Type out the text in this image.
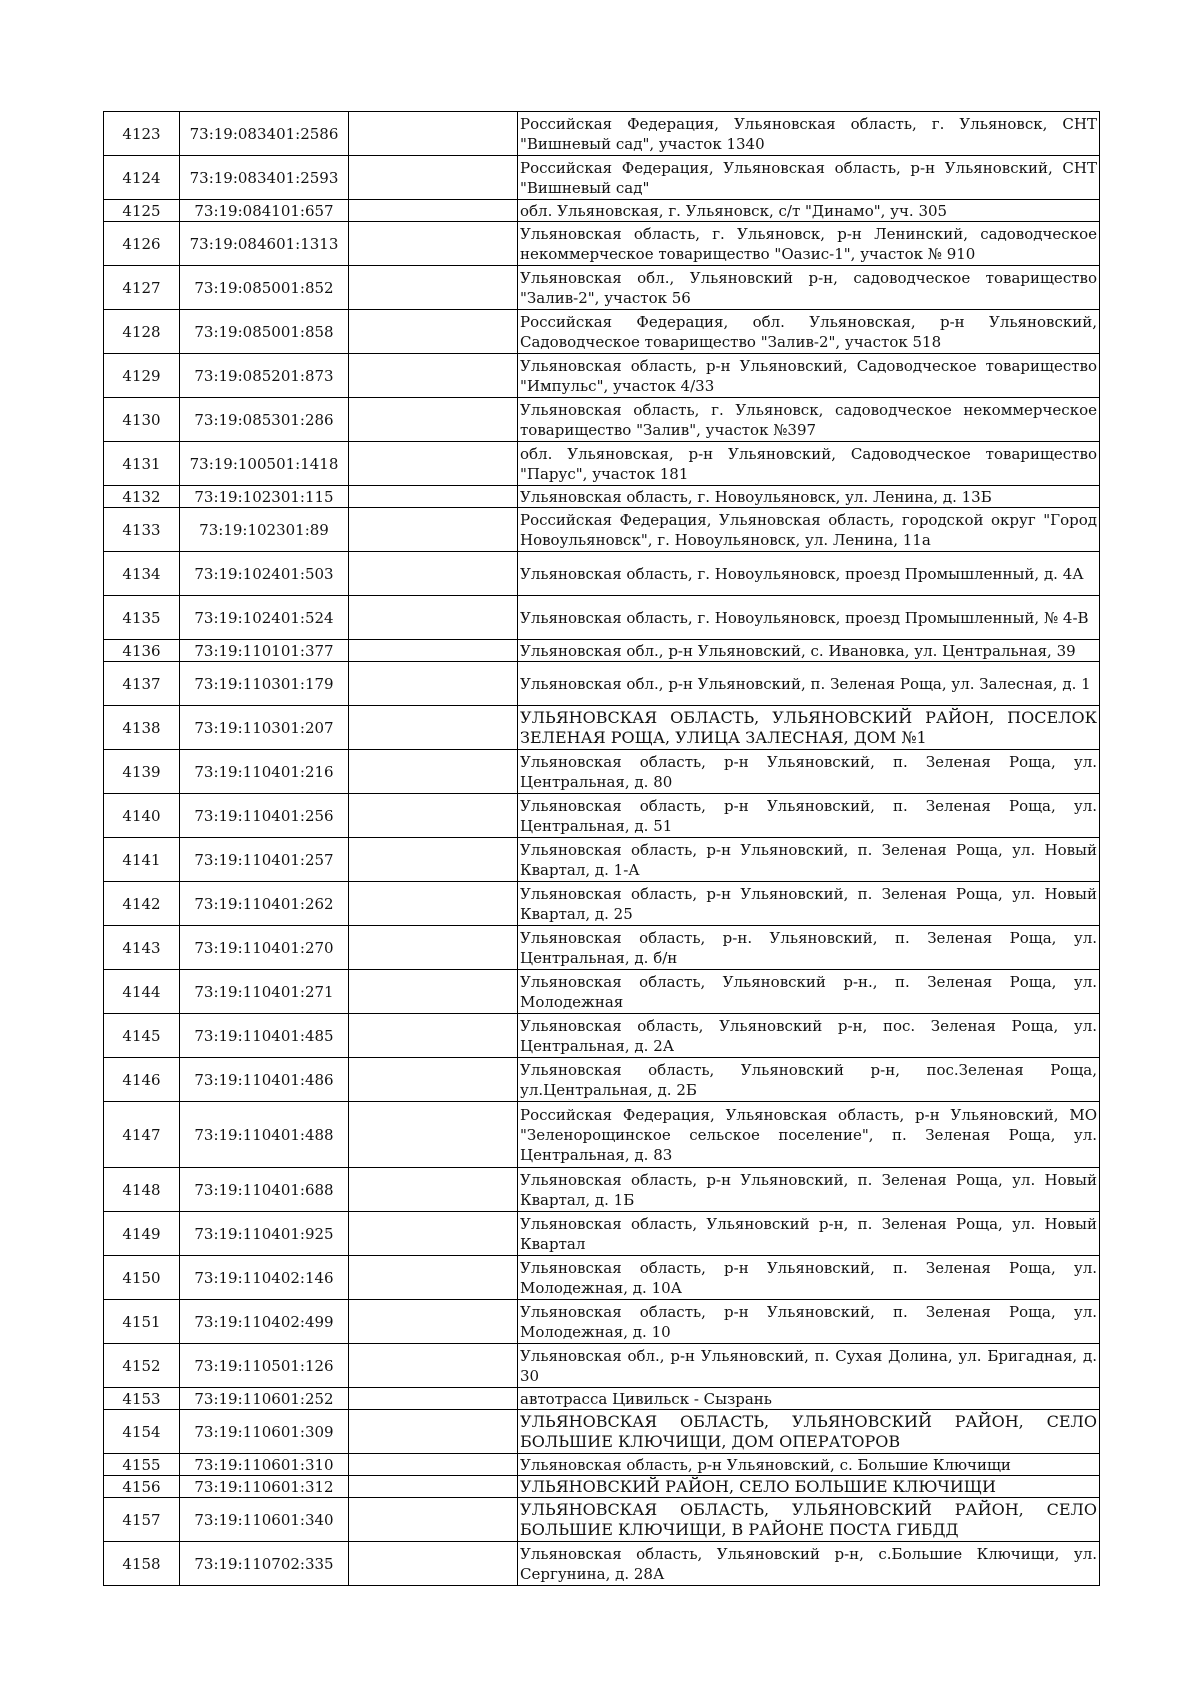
4123	73:19:083401:2586		Российская Федерация, Ульяновская область, г. Ульяновск, СНТ "Вишневый сад", участок 1340
4124	73:19:083401:2593		Российская Федерация, Ульяновская область, р-н Ульяновский, СНТ "Вишневый сад"
4125	73:19:084101:657		обл. Ульяновская, г. Ульяновск, с/т "Динамо", уч. 305
4126	73:19:084601:1313		Ульяновская область, г. Ульяновск, р-н Ленинский, садоводческое некоммерческое товарищество "Оазис-1", участок № 910
4127	73:19:085001:852		Ульяновская обл., Ульяновский р-н, садоводческое товарищество "Залив-2", участок 56
4128	73:19:085001:858		Российская Федерация, обл. Ульяновская, р-н Ульяновский, Садоводческое товарищество "Залив-2", участок 518
4129	73:19:085201:873		Ульяновская область, р-н Ульяновский, Садоводческое товарищество "Импульс", участок 4/33
4130	73:19:085301:286		Ульяновская область, г. Ульяновск, садоводческое некоммерческое товарищество "Залив", участок №397
4131	73:19:100501:1418		обл. Ульяновская, р-н Ульяновский, Садоводческое товарищество "Парус", участок 181
4132	73:19:102301:115		Ульяновская область, г. Новоульяновск, ул. Ленина, д. 13Б
4133	73:19:102301:89		Российская Федерация, Ульяновская область, городской округ "Город Новоульяновск", г. Новоульяновск, ул. Ленина, 11а
4134	73:19:102401:503		Ульяновская область, г. Новоульяновск, проезд Промышленный, д. 4А
4135	73:19:102401:524		Ульяновская область, г. Новоульяновск, проезд Промышленный, № 4-В
4136	73:19:110101:377		Ульяновская обл., р-н Ульяновский, с. Ивановка, ул. Центральная, 39
4137	73:19:110301:179		Ульяновская обл., р-н Ульяновский, п. Зеленая Роща, ул. Залесная, д. 1
4138	73:19:110301:207		УЛЬЯНОВСКАЯ ОБЛАСТЬ, УЛЬЯНОВСКИЙ РАЙОН, ПОСЕЛОК ЗЕЛЕНАЯ РОЩА, УЛИЦА ЗАЛЕСНАЯ, ДОМ №1
4139	73:19:110401:216		Ульяновская область, р-н Ульяновский, п. Зеленая Роща, ул. Центральная, д. 80
4140	73:19:110401:256		Ульяновская область, р-н Ульяновский, п. Зеленая Роща, ул. Центральная, д. 51
4141	73:19:110401:257		Ульяновская область, р-н Ульяновский, п. Зеленая Роща, ул. Новый Квартал, д. 1-А
4142	73:19:110401:262		Ульяновская область, р-н Ульяновский, п. Зеленая Роща, ул. Новый Квартал, д. 25
4143	73:19:110401:270		Ульяновская область, р-н. Ульяновский, п. Зеленая Роща, ул. Центральная, д. б/н
4144	73:19:110401:271		Ульяновская область, Ульяновский р-н., п. Зеленая Роща, ул. Молодежная
4145	73:19:110401:485		Ульяновская область, Ульяновский р-н, пос. Зеленая Роща, ул. Центральная, д. 2А
4146	73:19:110401:486		Ульяновская область, Ульяновский р-н, пос.Зеленая Роща, ул.Центральная, д. 2Б
4147	73:19:110401:488		Российская Федерация, Ульяновская область, р-н Ульяновский, МО "Зеленорощинское сельское поселение", п. Зеленая Роща, ул. Центральная, д. 83
4148	73:19:110401:688		Ульяновская область, р-н Ульяновский, п. Зеленая Роща, ул. Новый Квартал, д. 1Б
4149	73:19:110401:925		Ульяновская область, Ульяновский р-н, п. Зеленая Роща, ул. Новый Квартал
4150	73:19:110402:146		Ульяновская область, р-н Ульяновский, п. Зеленая Роща, ул. Молодежная, д. 10А
4151	73:19:110402:499		Ульяновская область, р-н Ульяновский, п. Зеленая Роща, ул. Молодежная, д. 10
4152	73:19:110501:126		Ульяновская обл., р-н Ульяновский, п. Сухая Долина, ул. Бригадная, д. 30
4153	73:19:110601:252		автотрасса Цивильск - Сызрань
4154	73:19:110601:309		УЛЬЯНОВСКАЯ ОБЛАСТЬ, УЛЬЯНОВСКИЙ РАЙОН, СЕЛО БОЛЬШИЕ КЛЮЧИЩИ, ДОМ ОПЕРАТОРОВ
4155	73:19:110601:310		Ульяновская область, р-н Ульяновский, с. Большие Ключищи
4156	73:19:110601:312		УЛЬЯНОВСКИЙ РАЙОН, СЕЛО БОЛЬШИЕ КЛЮЧИЩИ
4157	73:19:110601:340		УЛЬЯНОВСКАЯ ОБЛАСТЬ, УЛЬЯНОВСКИЙ РАЙОН, СЕЛО БОЛЬШИЕ КЛЮЧИЩИ, В РАЙОНЕ ПОСТА ГИБДД
4158	73:19:110702:335		Ульяновская область, Ульяновский р-н, с.Большие Ключищи, ул. Сергунина, д. 28А
